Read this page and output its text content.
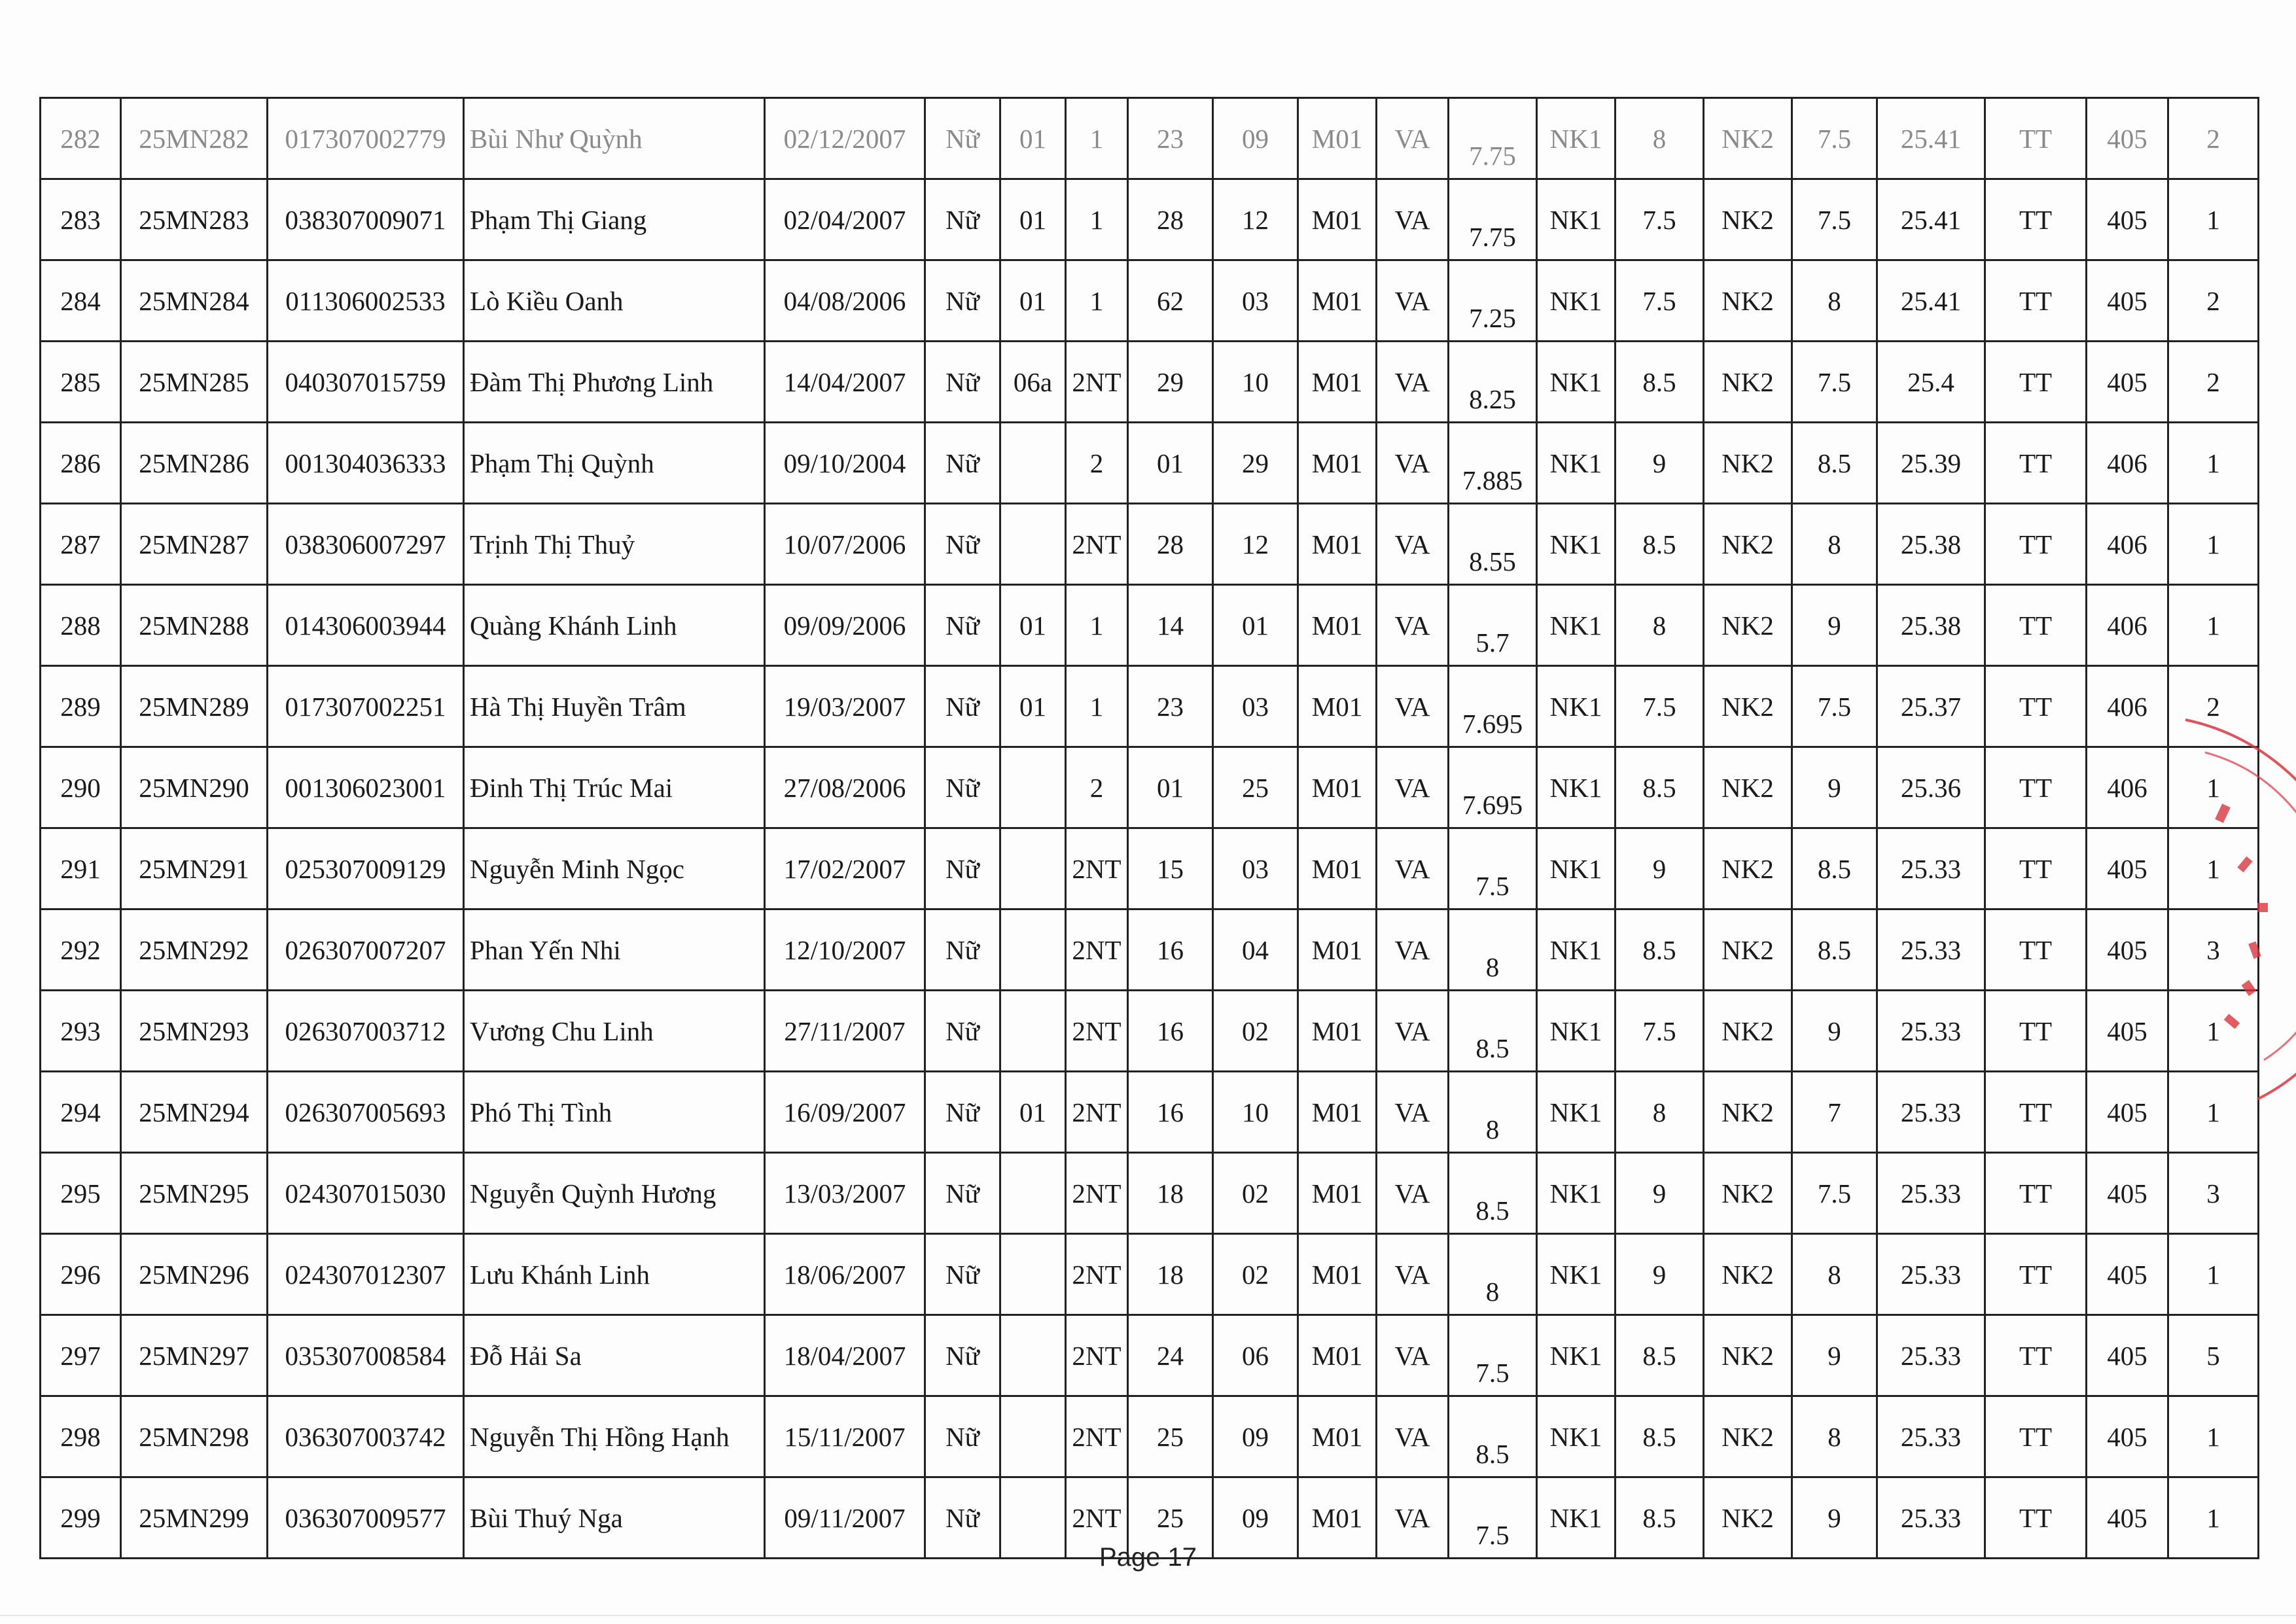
282	25MN282	017307002779	Bùi Như Quỳnh	02/12/2007	Nữ	01	1	23	09	M01	VA	7.75	NK1	8	NK2	7.5	25.41	TT	405	2
283	25MN283	038307009071	Phạm Thị Giang	02/04/2007	Nữ	01	1	28	12	M01	VA	7.75	NK1	7.5	NK2	7.5	25.41	TT	405	1
284	25MN284	011306002533	Lò Kiều Oanh	04/08/2006	Nữ	01	1	62	03	M01	VA	7.25	NK1	7.5	NK2	8	25.41	TT	405	2
285	25MN285	040307015759	Đàm Thị Phương Linh	14/04/2007	Nữ	06a	2NT	29	10	M01	VA	8.25	NK1	8.5	NK2	7.5	25.4	TT	405	2
286	25MN286	001304036333	Phạm Thị Quỳnh	09/10/2004	Nữ		2	01	29	M01	VA	7.885	NK1	9	NK2	8.5	25.39	TT	406	1
287	25MN287	038306007297	Trịnh Thị Thuỷ	10/07/2006	Nữ		2NT	28	12	M01	VA	8.55	NK1	8.5	NK2	8	25.38	TT	406	1
288	25MN288	014306003944	Quàng Khánh Linh	09/09/2006	Nữ	01	1	14	01	M01	VA	5.7	NK1	8	NK2	9	25.38	TT	406	1
289	25MN289	017307002251	Hà Thị Huyền Trâm	19/03/2007	Nữ	01	1	23	03	M01	VA	7.695	NK1	7.5	NK2	7.5	25.37	TT	406	2
290	25MN290	001306023001	Đinh Thị Trúc Mai	27/08/2006	Nữ		2	01	25	M01	VA	7.695	NK1	8.5	NK2	9	25.36	TT	406	1
291	25MN291	025307009129	Nguyễn Minh Ngọc	17/02/2007	Nữ		2NT	15	03	M01	VA	7.5	NK1	9	NK2	8.5	25.33	TT	405	1
292	25MN292	026307007207	Phan Yến Nhi	12/10/2007	Nữ		2NT	16	04	M01	VA	8	NK1	8.5	NK2	8.5	25.33	TT	405	3
293	25MN293	026307003712	Vương Chu Linh	27/11/2007	Nữ		2NT	16	02	M01	VA	8.5	NK1	7.5	NK2	9	25.33	TT	405	1
294	25MN294	026307005693	Phó Thị Tình	16/09/2007	Nữ	01	2NT	16	10	M01	VA	8	NK1	8	NK2	7	25.33	TT	405	1
295	25MN295	024307015030	Nguyễn Quỳnh Hương	13/03/2007	Nữ		2NT	18	02	M01	VA	8.5	NK1	9	NK2	7.5	25.33	TT	405	3
296	25MN296	024307012307	Lưu Khánh Linh	18/06/2007	Nữ		2NT	18	02	M01	VA	8	NK1	9	NK2	8	25.33	TT	405	1
297	25MN297	035307008584	Đỗ Hải Sa	18/04/2007	Nữ		2NT	24	06	M01	VA	7.5	NK1	8.5	NK2	9	25.33	TT	405	5
298	25MN298	036307003742	Nguyễn Thị Hồng Hạnh	15/11/2007	Nữ		2NT	25	09	M01	VA	8.5	NK1	8.5	NK2	8	25.33	TT	405	1
299	25MN299	036307009577	Bùi Thuý Nga	09/11/2007	Nữ		2NT	25	09	M01	VA	7.5	NK1	8.5	NK2	9	25.33	TT	405	1
Page 17
